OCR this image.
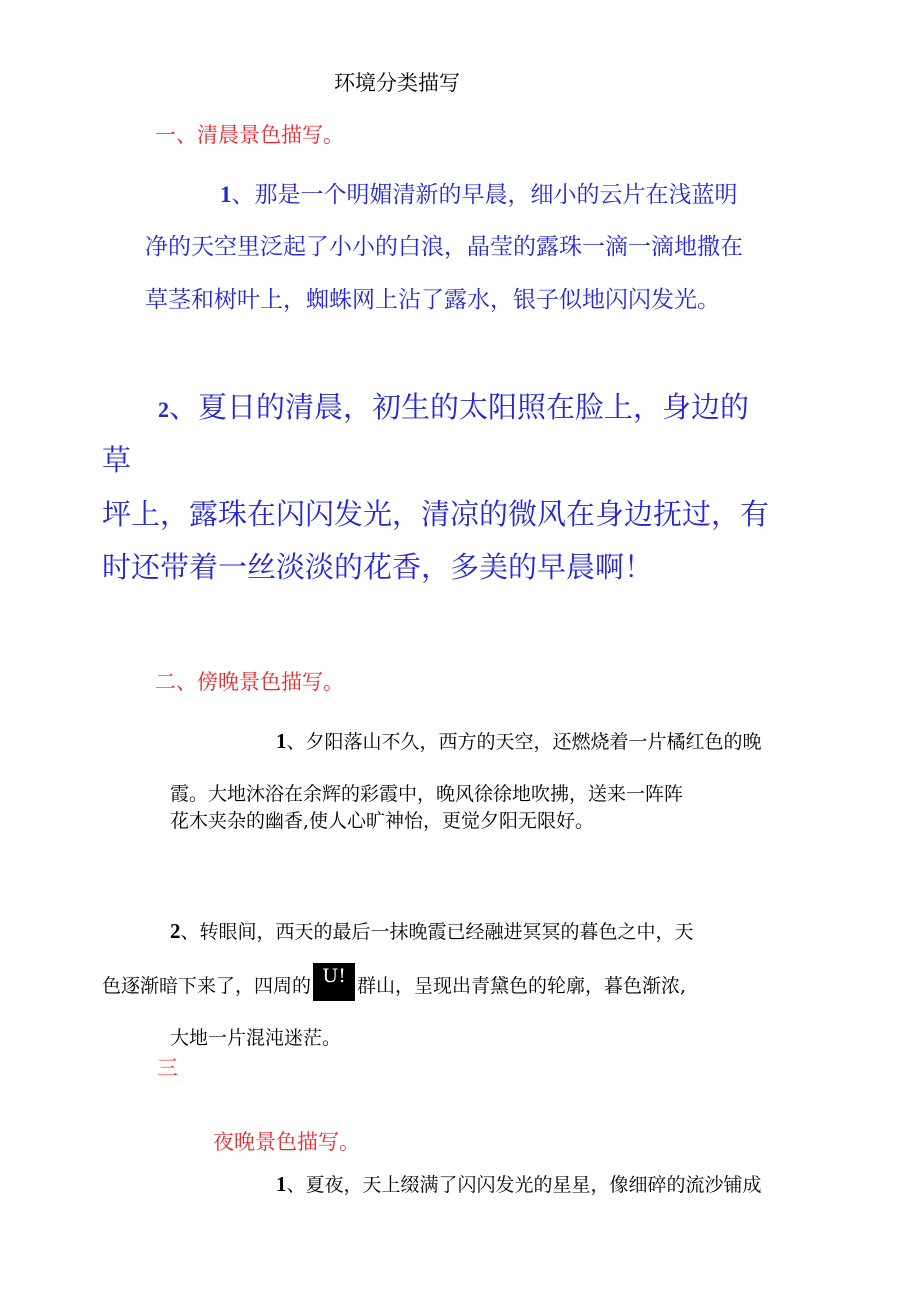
环境分类描写
一、清晨景色描写。
1、那是一个明媚清新的早晨，细小的云片在浅蓝明
净的天空里泛起了小小的白浪，晶莹的露珠一滴一滴地撒在
草茎和树叶上，蜘蛛网上沾了露水，银子似地闪闪发光。
2、夏日的清晨，初生的太阳照在脸上，身边的
草
坪上，露珠在闪闪发光，清凉的微风在身边抚过，有
时还带着一丝淡淡的花香，多美的早晨啊！
二、傍晚景色描写。
1、夕阳落山不久，西方的天空，还燃烧着一片橘红色的晚
霞。大地沐浴在余辉的彩霞中，晚风徐徐地吹拂，送来一阵阵
花木夹杂的幽香,使人心旷神怡，更觉夕阳无限好。
2、转眼间，西天的最后一抹晚霞已经融进冥冥的暮色之中，天
色逐渐暗下来了，四周的 U! 群山，呈现出青黛色的轮廓，暮色渐浓,
大地一片混沌迷茫。
三
夜晚景色描写。
1、夏夜，天上缀满了闪闪发光的星星，像细碎的流沙铺成
